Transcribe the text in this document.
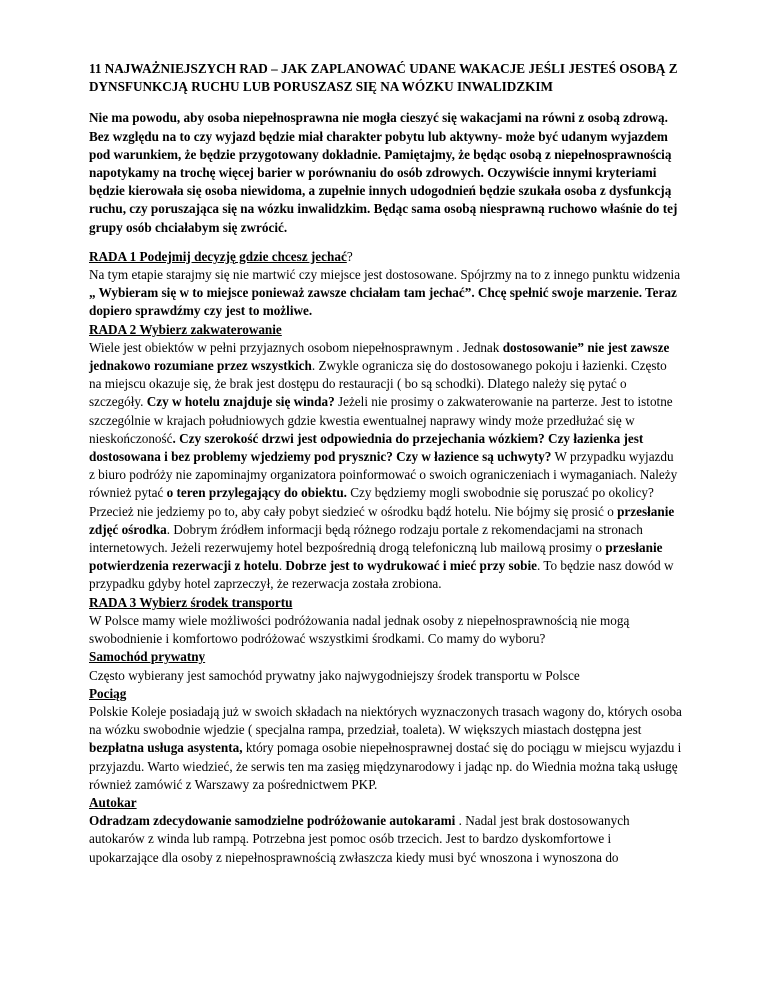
11 NAJWAŻNIEJSZYCH RAD – JAK ZAPLANOWAĆ UDANE WAKACJE JEŚLI JESTEŚ OSOBĄ Z DYNSFUNKCJĄ RUCHU LUB PORUSZASZ SIĘ NA WÓZKU INWALIDZKIM

Nie ma powodu, aby osoba niepełnosprawna nie mogła cieszyć się wakacjami na równi z osobą zdrową. Bez względu na to czy wyjazd będzie miał charakter pobytu lub aktywny- może być udanym wyjazdem pod warunkiem, że będzie przygotowany dokładnie. Pamiętajmy, że będąc osobą z niepełnosprawnością napotykamy na trochę więcej barier w porównaniu do osób zdrowych. Oczywiście innymi kryteriami będzie kierowała się osoba niewidoma, a zupełnie innych udogodnień będzie szukała osoba z dysfunkcją ruchu, czy poruszająca się na wózku inwalidzkim. Będąc sama osobą niesprawną ruchowo właśnie do tej grupy osób chciałabym się zwrócić.

RADA 1 Podejmij decyzję gdzie chcesz jechać?
Na tym etapie starajmy się nie martwić czy miejsce jest dostosowane. Spójrzmy na to z innego punktu widzenia „ Wybieram się w to miejsce ponieważ zawsze chciałam tam jechać”. Chcę spełnić swoje marzenie. Teraz dopiero sprawdźmy czy jest to możliwe.

RADA 2 Wybierz zakwaterowanie
Wiele jest obiektów w pełni przyjaznych osobom niepełnosprawnym . Jednak dostosowanie” nie jest zawsze jednakowo rozumiane przez wszystkich. Zwykle ogranicza się do dostosowanego pokoju i łazienki. Często na miejscu okazuje się, że brak jest dostępu do restauracji ( bo są schodki). Dlatego należy się pytać o szczegóły. Czy w hotelu znajduje się winda? Jeżeli nie prosimy o zakwaterowanie na parterze. Jest to istotne szczególnie w krajach południowych gdzie kwestia ewentualnej naprawy windy może przedłużać się w nieskończoność. Czy szerokość drzwi jest odpowiednia do przejechania wózkiem? Czy łazienka jest dostosowana i bez problemy wjedziemy pod prysznic? Czy w łazience są uchwyty? W przypadku wyjazdu z biuro podróży nie zapominajmy organizatora poinformować o swoich ograniczeniach i wymaganiach. Należy również pytać o teren przylegający do obiektu. Czy będziemy mogli swobodnie się poruszać po okolicy? Przecież nie jedziemy po to, aby cały pobyt siedzieć w ośrodku bądź hotelu. Nie bójmy się prosić o przesłanie zdjęć ośrodka. Dobrym źródłem informacji będą różnego rodzaju portale z rekomendacjami na stronach internetowych. Jeżeli rezerwujemy hotel bezpośrednią drogą telefoniczną lub mailową prosimy o przesłanie potwierdzenia rezerwacji z hotelu. Dobrze jest to wydrukować i mieć przy sobie. To będzie nasz dowód w przypadku gdyby hotel zaprzeczył, że rezerwacja została zrobiona.

RADA 3 Wybierz środek transportu
W Polsce mamy wiele możliwości podróżowania nadal jednak osoby z niepełnosprawnością nie mogą swobodnienie i komfortowo podróżować wszystkimi środkami. Co mamy do wyboru?

Samochód prywatny
Często wybierany jest samochód prywatny jako najwygodniejszy środek transportu w Polsce

Pociąg
Polskie Koleje posiadają już w swoich składach na niektórych wyznaczonych trasach wagony do, których osoba na wózku swobodnie wjedzie ( specjalna rampa, przedział, toaleta). W większych miastach dostępna jest bezpłatna usługa asystenta, który pomaga osobie niepełnosprawnej dostać się do pociągu w miejscu wyjazdu i przyjazdu. Warto wiedzieć, że serwis ten ma zasięg międzynarodowy i jadąc np. do Wiednia można taką usługę również zamówić z Warszawy za pośrednictwem PKP.

Autokar
Odradzam zdecydowanie samodzielne podróżowanie autokarami . Nadal jest brak dostosowanych autokarów z winda lub rampą. Potrzebna jest pomoc osób trzecich. Jest to bardzo dyskomfortowe i upokarzające dla osoby z niepełnosprawnością zwłaszcza kiedy musi być wnoszona i wynoszona do
